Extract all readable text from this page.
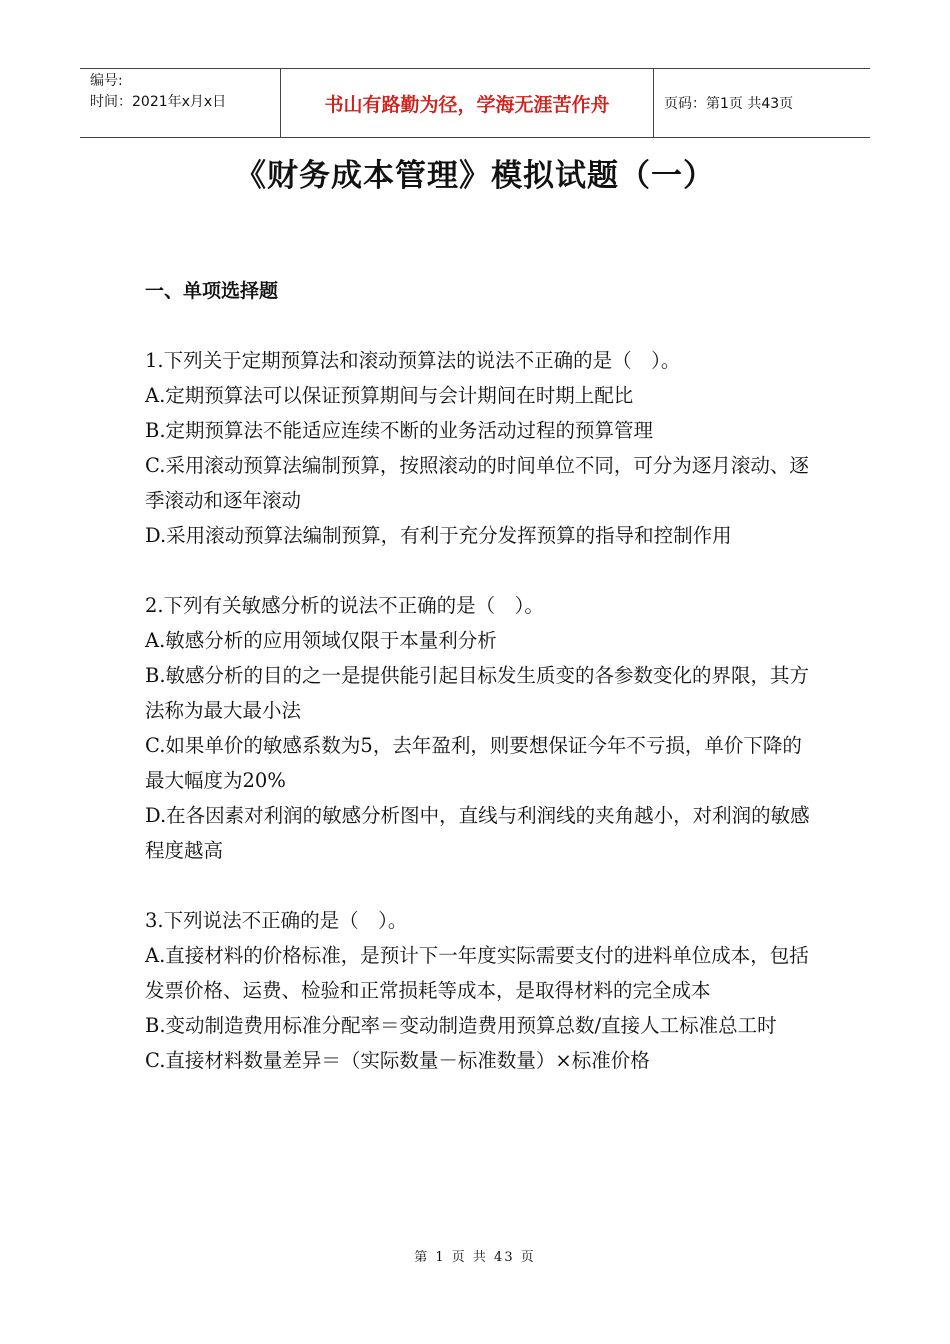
编号:
时间：2021年x月x日	书山有路勤为径，学海无涯苦作舟	页码：第1页 共43页
《财务成本管理》模拟试题（一）
一、单项选择题
1.下列关于定期预算法和滚动预算法的说法不正确的是（　）。
A.定期预算法可以保证预算期间与会计期间在时期上配比
B.定期预算法不能适应连续不断的业务活动过程的预算管理
C.采用滚动预算法编制预算，按照滚动的时间单位不同，可分为逐月滚动、逐季滚动和逐年滚动
D.采用滚动预算法编制预算，有利于充分发挥预算的指导和控制作用
2.下列有关敏感分析的说法不正确的是（　）。
A.敏感分析的应用领域仅限于本量利分析
B.敏感分析的目的之一是提供能引起目标发生质变的各参数变化的界限，其方法称为最大最小法
C.如果单价的敏感系数为5，去年盈利，则要想保证今年不亏损，单价下降的最大幅度为20%
D.在各因素对利润的敏感分析图中，直线与利润线的夹角越小，对利润的敏感程度越高
3.下列说法不正确的是（　）。
A.直接材料的价格标准，是预计下一年度实际需要支付的进料单位成本，包括发票价格、运费、检验和正常损耗等成本，是取得材料的完全成本
B.变动制造费用标准分配率＝变动制造费用预算总数/直接人工标准总工时
C.直接材料数量差异＝（实际数量－标准数量）×标准价格
第 1 页 共 43 页
